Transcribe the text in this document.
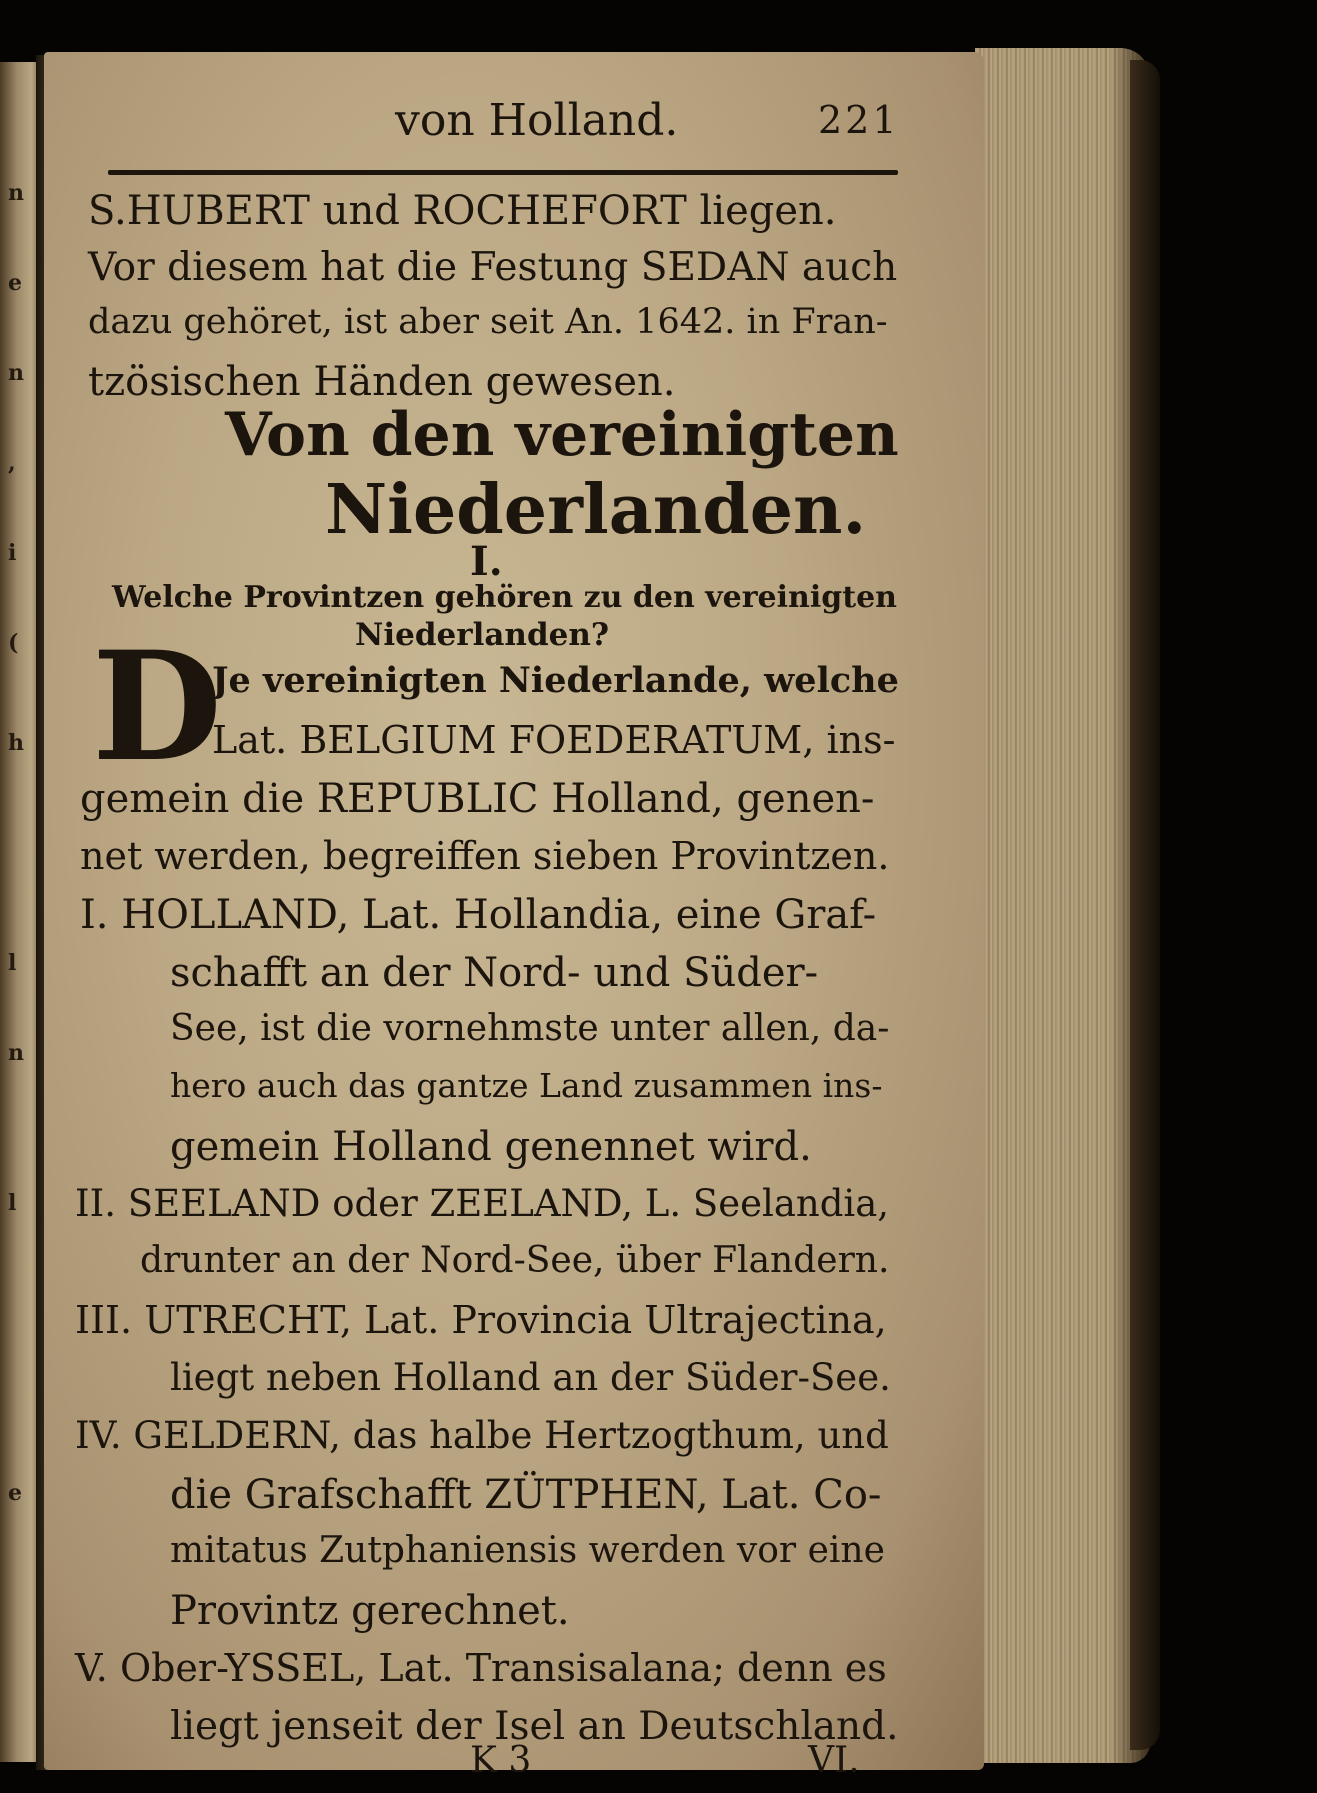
n
e
n
,
i
(
h
l
n
l
e
von Holland.	221
S.HUBERT und ROCHEFORT liegen.
Vor diesem hat die Festung SEDAN auch
dazu gehöret, ist aber seit An. 1642. in Fran-
tzösischen Händen gewesen.
Von den vereinigten
Niederlanden.
I.
Welche Provintzen gehören zu den vereinigten
Niederlanden?
D
Je vereinigten Niederlande, welche
Lat. BELGIUM FOEDERATUM, ins-
gemein die REPUBLIC Holland, genen-
net werden, begreiffen sieben Provintzen.
I. HOLLAND, Lat. Hollandia, eine Graf-
schafft an der Nord- und Süder-
See, ist die vornehmste unter allen, da-
hero auch das gantze Land zusammen ins-
gemein Holland genennet wird.
II. SEELAND oder ZEELAND, L. Seelandia,
drunter an der Nord-See, über Flandern.
III. UTRECHT, Lat. Provincia Ultrajectina,
liegt neben Holland an der Süder-See.
IV. GELDERN, das halbe Hertzogthum, und
die Grafschafft ZÜTPHEN, Lat. Co-
mitatus Zutphaniensis werden vor eine
Provintz gerechnet.
V. Ober-YSSEL, Lat. Transisalana; denn es
liegt jenseit der Isel an Deutschland.
K 3	VI.
